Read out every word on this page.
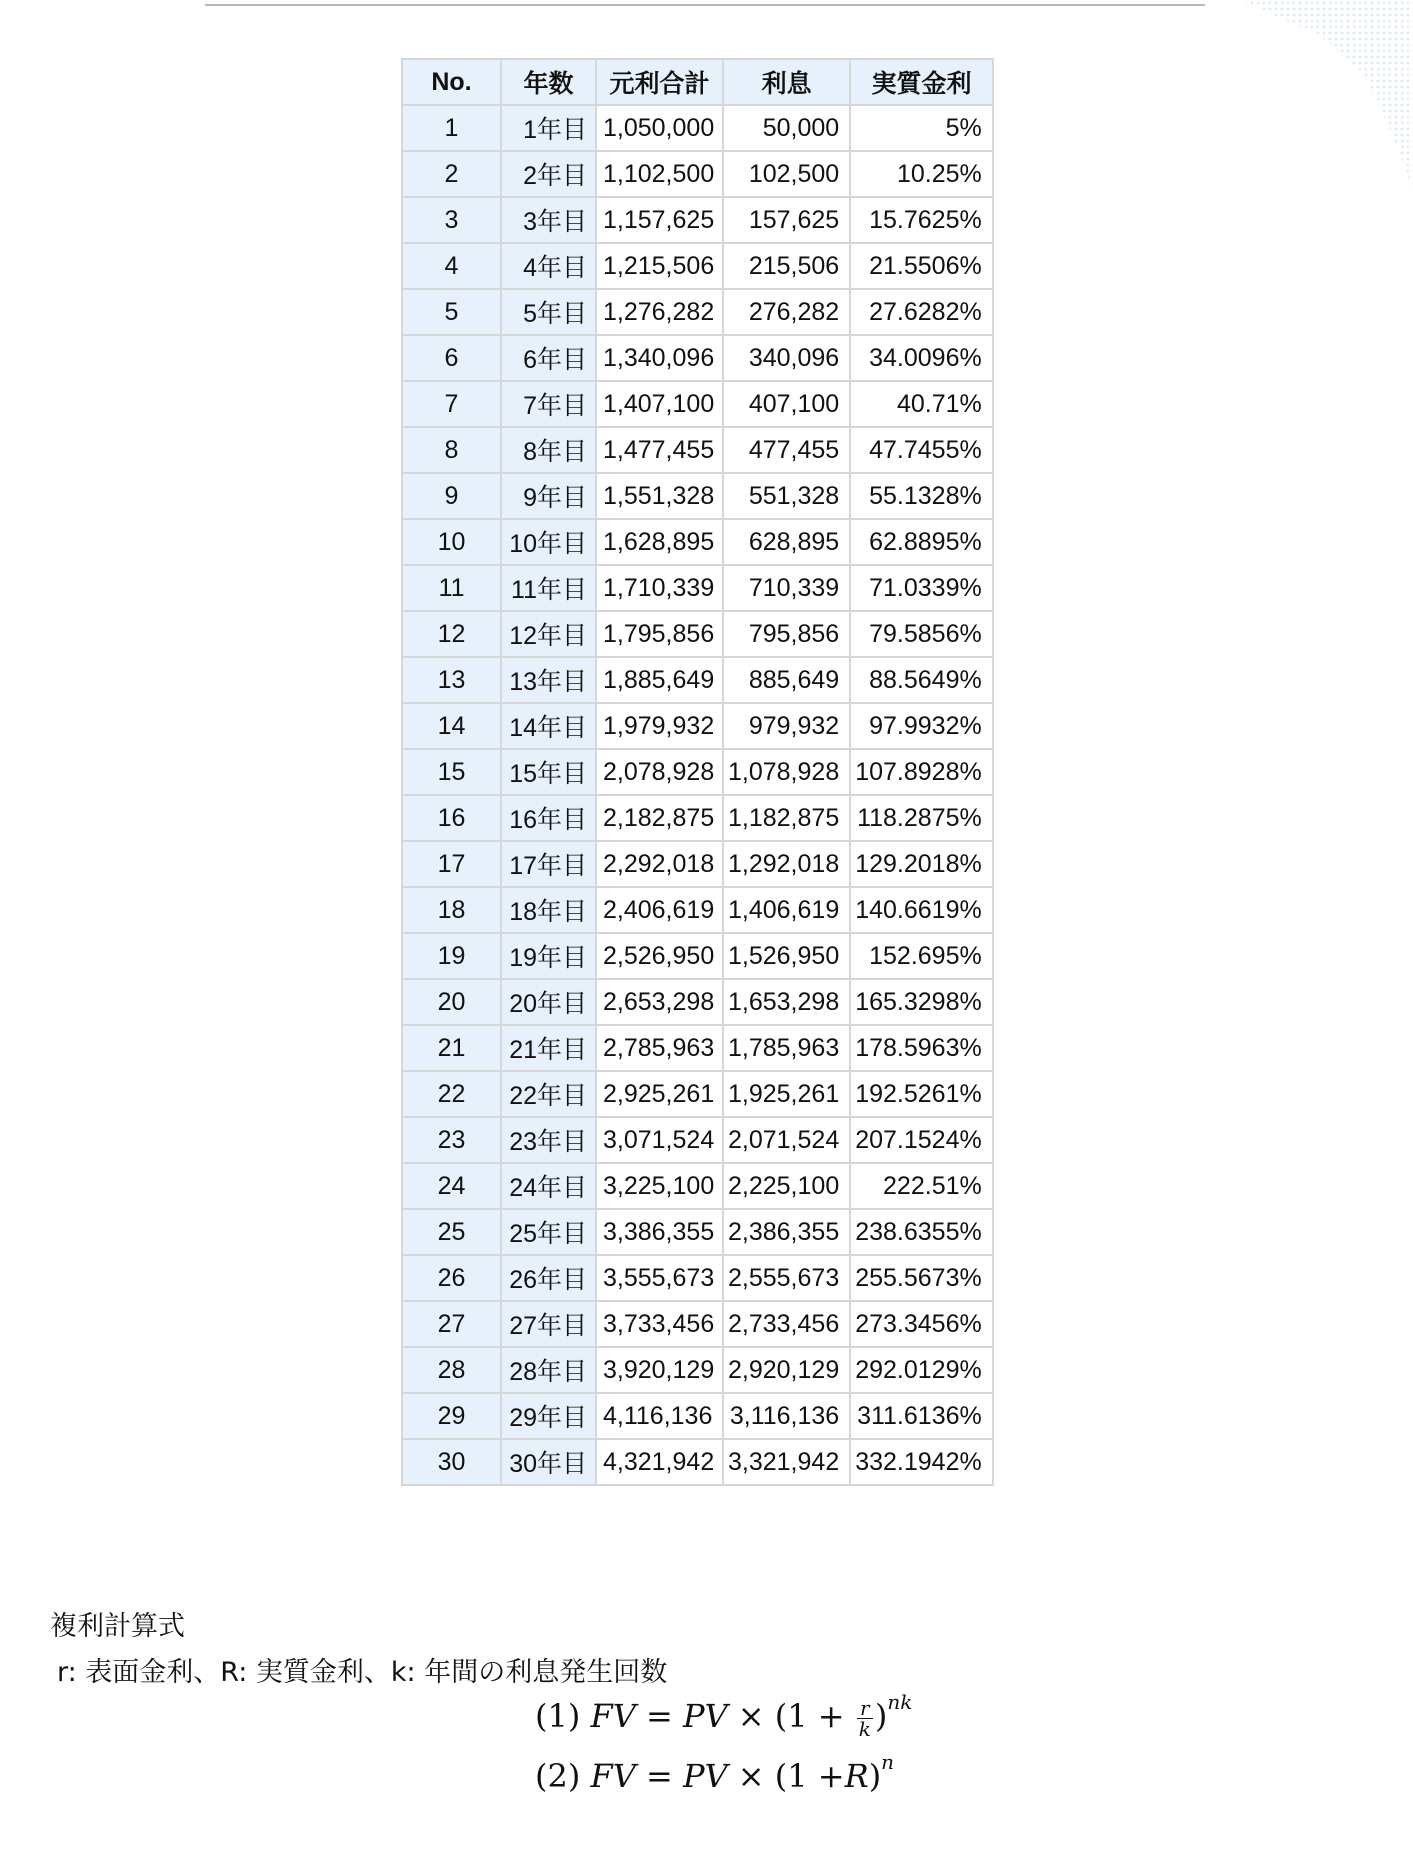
No.	年数	元利合計	利息	実質金利
1	1年目	1,050,000	50,000	5%
2	2年目	1,102,500	102,500	10.25%
3	3年目	1,157,625	157,625	15.7625%
4	4年目	1,215,506	215,506	21.5506%
5	5年目	1,276,282	276,282	27.6282%
6	6年目	1,340,096	340,096	34.0096%
7	7年目	1,407,100	407,100	40.71%
8	8年目	1,477,455	477,455	47.7455%
9	9年目	1,551,328	551,328	55.1328%
10	10年目	1,628,895	628,895	62.8895%
11	11年目	1,710,339	710,339	71.0339%
12	12年目	1,795,856	795,856	79.5856%
13	13年目	1,885,649	885,649	88.5649%
14	14年目	1,979,932	979,932	97.9932%
15	15年目	2,078,928	1,078,928	107.8928%
16	16年目	2,182,875	1,182,875	118.2875%
17	17年目	2,292,018	1,292,018	129.2018%
18	18年目	2,406,619	1,406,619	140.6619%
19	19年目	2,526,950	1,526,950	152.695%
20	20年目	2,653,298	1,653,298	165.3298%
21	21年目	2,785,963	1,785,963	178.5963%
22	22年目	2,925,261	1,925,261	192.5261%
23	23年目	3,071,524	2,071,524	207.1524%
24	24年目	3,225,100	2,225,100	222.51%
25	25年目	3,386,355	2,386,355	238.6355%
26	26年目	3,555,673	2,555,673	255.5673%
27	27年目	3,733,456	2,733,456	273.3456%
28	28年目	3,920,129	2,920,129	292.0129%
29	29年目	4,116,136	3,116,136	311.6136%
30	30年目	4,321,942	3,321,942	332.1942%
複利計算式
r: 表面金利、R: 実質金利、k: 年間の利息発生回数
(1) FV = PV × $(1 + \frac{r}{k} )^{nk}$
(2) FV = PV × $(1 +R)^n$
